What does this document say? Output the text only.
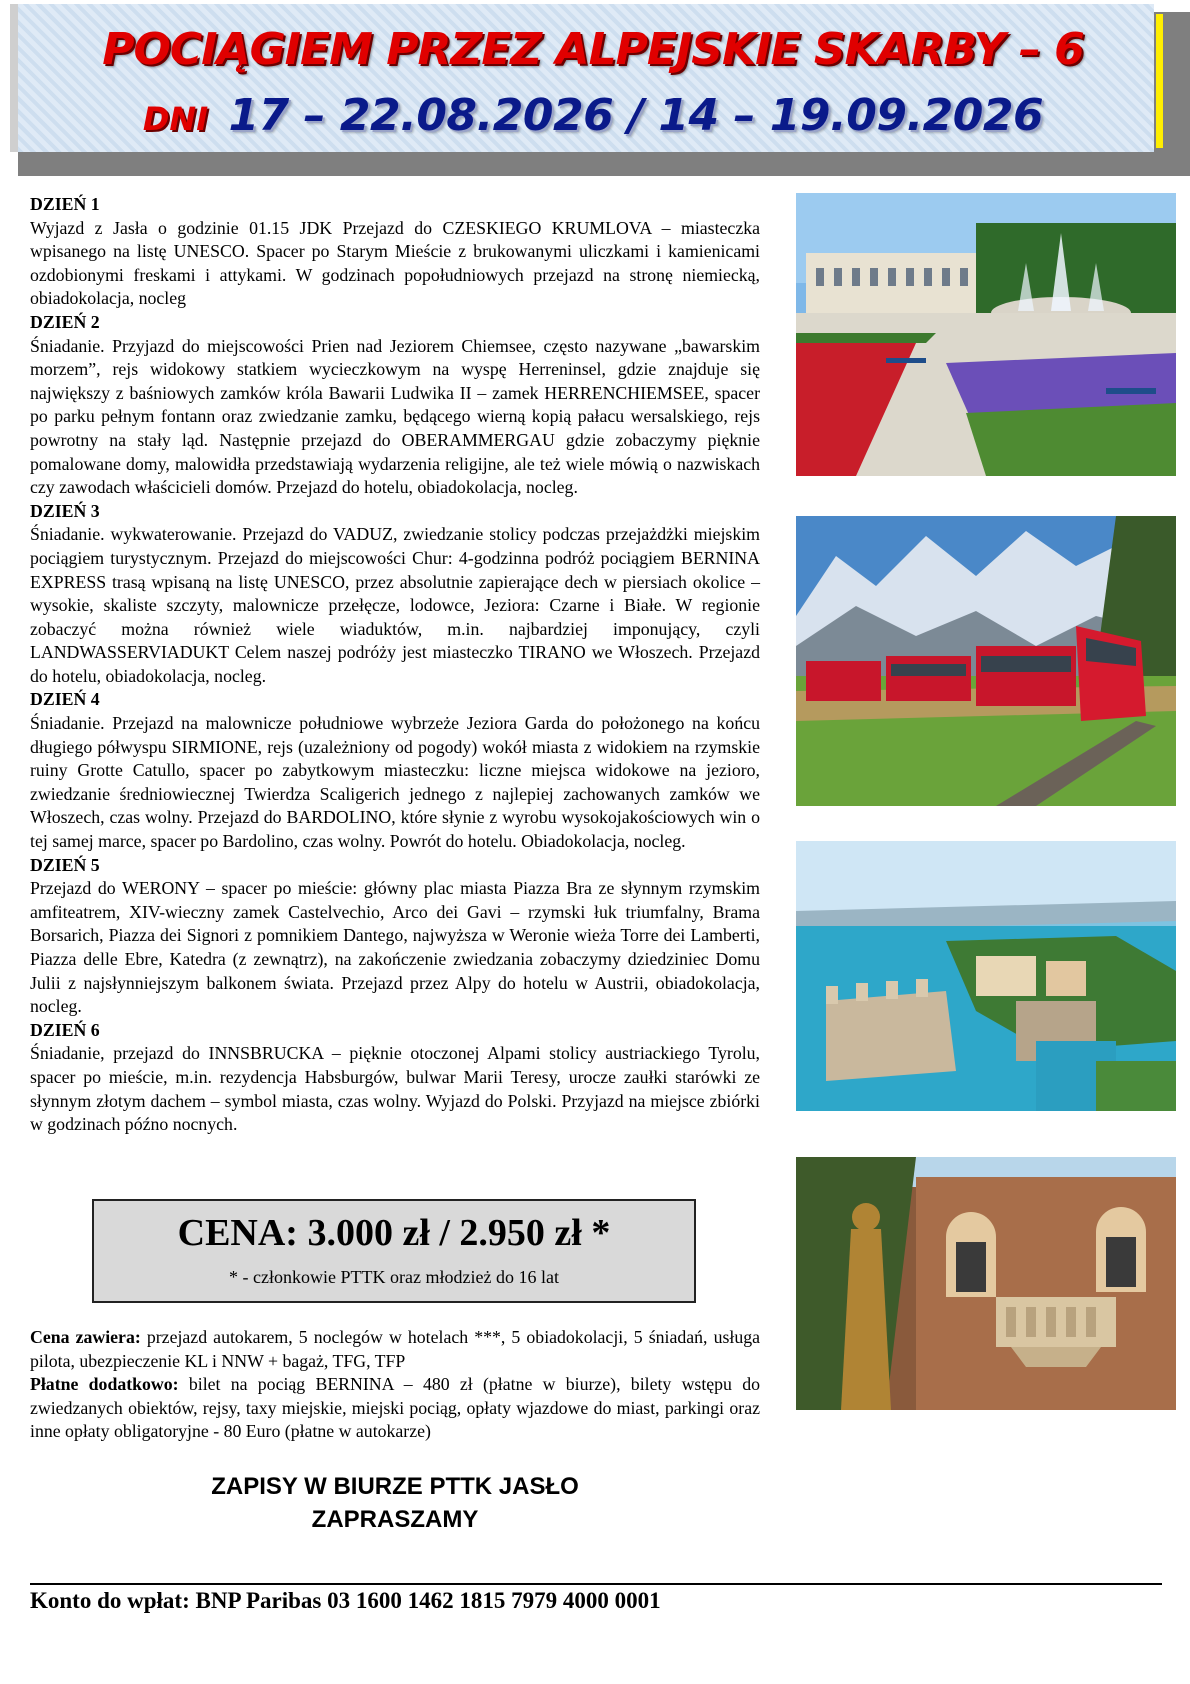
POCIĄGIEM PRZEZ ALPEJSKIE SKARBY – 6
DNI 17 – 22.08.2026 / 14 – 19.09.2026

DZIEŃ 1

Wyjazd z Jasła o godzinie 01.15 JDK Przejazd do CZESKIEGO KRUMLOVA – miasteczka wpisanego na listę UNESCO. Spacer po Starym Mieście z brukowanymi uliczkami i kamienicami ozdobionymi freskami i attykami. W godzinach popołudniowych przejazd na stronę niemiecką, obiadokolacja, nocleg

DZIEŃ 2

Śniadanie. Przyjazd do miejscowości Prien nad Jeziorem Chiemsee, często nazywane „bawarskim morzem”, rejs widokowy statkiem wycieczkowym na wyspę Herreninsel, gdzie znajduje się największy z baśniowych zamków króla Bawarii Ludwika II – zamek HERRENCHIEMSEE, spacer po parku pełnym fontann oraz zwiedzanie zamku, będącego wierną kopią pałacu wersalskiego, rejs powrotny na stały ląd. Następnie przejazd do OBERAMMERGAU gdzie zobaczymy pięknie pomalowane domy, malowidła przedstawiają wydarzenia religijne, ale też wiele mówią o nazwiskach czy zawodach właścicieli domów. Przejazd do hotelu, obiadokolacja, nocleg.

DZIEŃ 3

Śniadanie. wykwaterowanie. Przejazd do VADUZ, zwiedzanie stolicy podczas przejażdżki miejskim pociągiem turystycznym. Przejazd do miejscowości Chur: 4-godzinna podróż pociągiem BERNINA EXPRESS trasą wpisaną na listę UNESCO, przez absolutnie zapierające dech w piersiach okolice – wysokie, skaliste szczyty, malownicze przełęcze, lodowce, Jeziora: Czarne i Białe. W regionie zobaczyć można również wiele wiaduktów, m.in. najbardziej imponujący, czyli LANDWASSERVIADUKT Celem naszej podróży jest miasteczko TIRANO we Włoszech. Przejazd do hotelu, obiadokolacja, nocleg.

DZIEŃ 4

Śniadanie. Przejazd na malownicze południowe wybrzeże Jeziora Garda do położonego na końcu długiego półwyspu SIRMIONE, rejs (uzależniony od pogody) wokół miasta z widokiem na rzymskie ruiny Grotte Catullo, spacer po zabytkowym miasteczku: liczne miejsca widokowe na jezioro, zwiedzanie średniowiecznej Twierdza Scaligerich jednego z najlepiej zachowanych zamków we Włoszech, czas wolny. Przejazd do BARDOLINO, które słynie z wyrobu wysokojakościowych win o tej samej marce, spacer po Bardolino, czas wolny. Powrót do hotelu. Obiadokolacja, nocleg.

DZIEŃ 5

Przejazd do WERONY – spacer po mieście: główny plac miasta Piazza Bra ze słynnym rzymskim amfiteatrem, XIV-wieczny zamek Castelvechio, Arco dei Gavi – rzymski łuk triumfalny, Brama Borsarich, Piazza dei Signori z pomnikiem Dantego, najwyższa w Weronie wieża Torre dei Lamberti, Piazza delle Ebre, Katedra (z zewnątrz), na zakończenie zwiedzania zobaczymy dziedziniec Domu Julii z najsłynniejszym balkonem świata. Przejazd przez Alpy do hotelu w Austrii, obiadokolacja, nocleg.

DZIEŃ 6

Śniadanie, przejazd do INNSBRUCKA – pięknie otoczonej Alpami stolicy austriackiego Tyrolu, spacer po mieście, m.in. rezydencja Habsburgów, bulwar Marii Teresy, urocze zaułki starówki ze słynnym złotym dachem – symbol miasta, czas wolny. Wyjazd do Polski. Przyjazd na miejsce zbiórki w godzinach późno nocnych.

CENA: 3.000 zł / 2.950 zł *
* - członkowie PTTK oraz młodzież do 16 lat

Cena zawiera: przejazd autokarem, 5 noclegów w hotelach ***, 5 obiadokolacji, 5 śniadań, usługa pilota, ubezpieczenie KL i NNW + bagaż, TFG, TFP

Płatne dodatkowo: bilet na pociąg BERNINA – 480 zł (płatne w biurze), bilety wstępu do zwiedzanych obiektów, rejsy, taxy miejskie, miejski pociąg, opłaty wjazdowe do miast, parkingi oraz inne opłaty obligatoryjne - 80 Euro (płatne w autokarze)

ZAPISY W BIURZE PTTK JASŁO
ZAPRASZAMY
Konto do wpłat: BNP Paribas 03 1600 1462 1815 7979 4000 0001
